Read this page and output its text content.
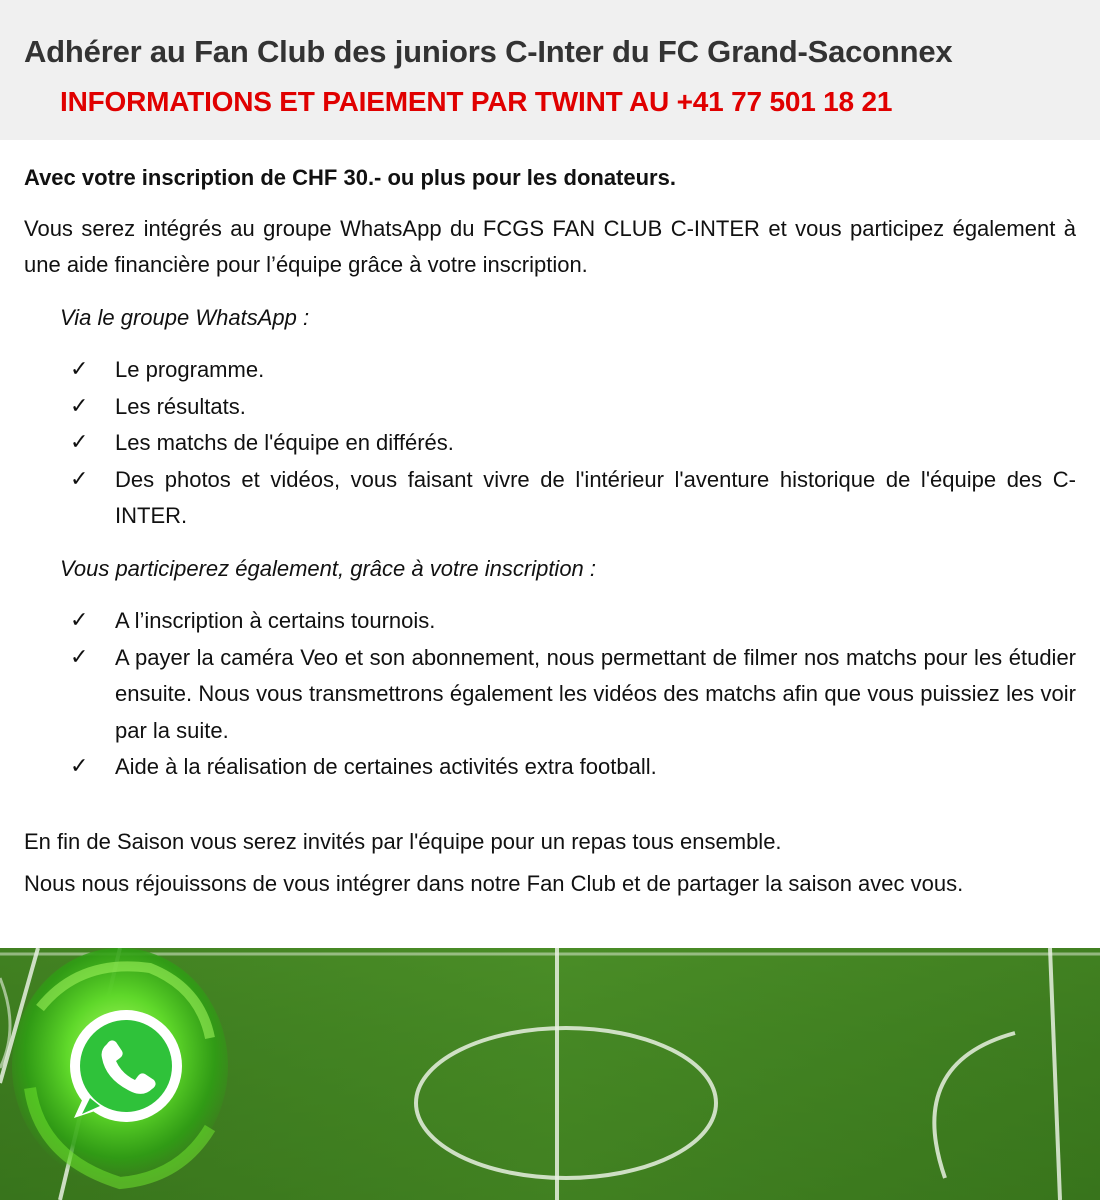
Adhérer au Fan Club des juniors C-Inter du FC Grand-Saconnex
INFORMATIONS ET PAIEMENT PAR TWINT AU +41 77 501 18 21

Avec votre inscription de CHF 30.- ou plus pour les donateurs.

Vous serez intégrés au groupe WhatsApp du FCGS FAN CLUB C-INTER et vous participez également à une aide financière pour l’équipe grâce à votre inscription.

Via le groupe WhatsApp :

✓ Le programme.
✓ Les résultats.
✓ Les matchs de l'équipe en différés.
✓ Des photos et vidéos, vous faisant vivre de l'intérieur l'aventure historique de l'équipe des C-INTER.

Vous participerez également, grâce à votre inscription :

✓ A l’inscription à certains tournois.
✓ A payer la caméra Veo et son abonnement, nous permettant de filmer nos matchs pour les étudier ensuite. Nous vous transmettrons également les vidéos des matchs afin que vous puissiez les voir par la suite.
✓ Aide à la réalisation de certaines activités extra football.

En fin de Saison vous serez invités par l'équipe pour un repas tous ensemble.

Nous nous réjouissons de vous intégrer dans notre Fan Club et de partager la saison avec vous.
